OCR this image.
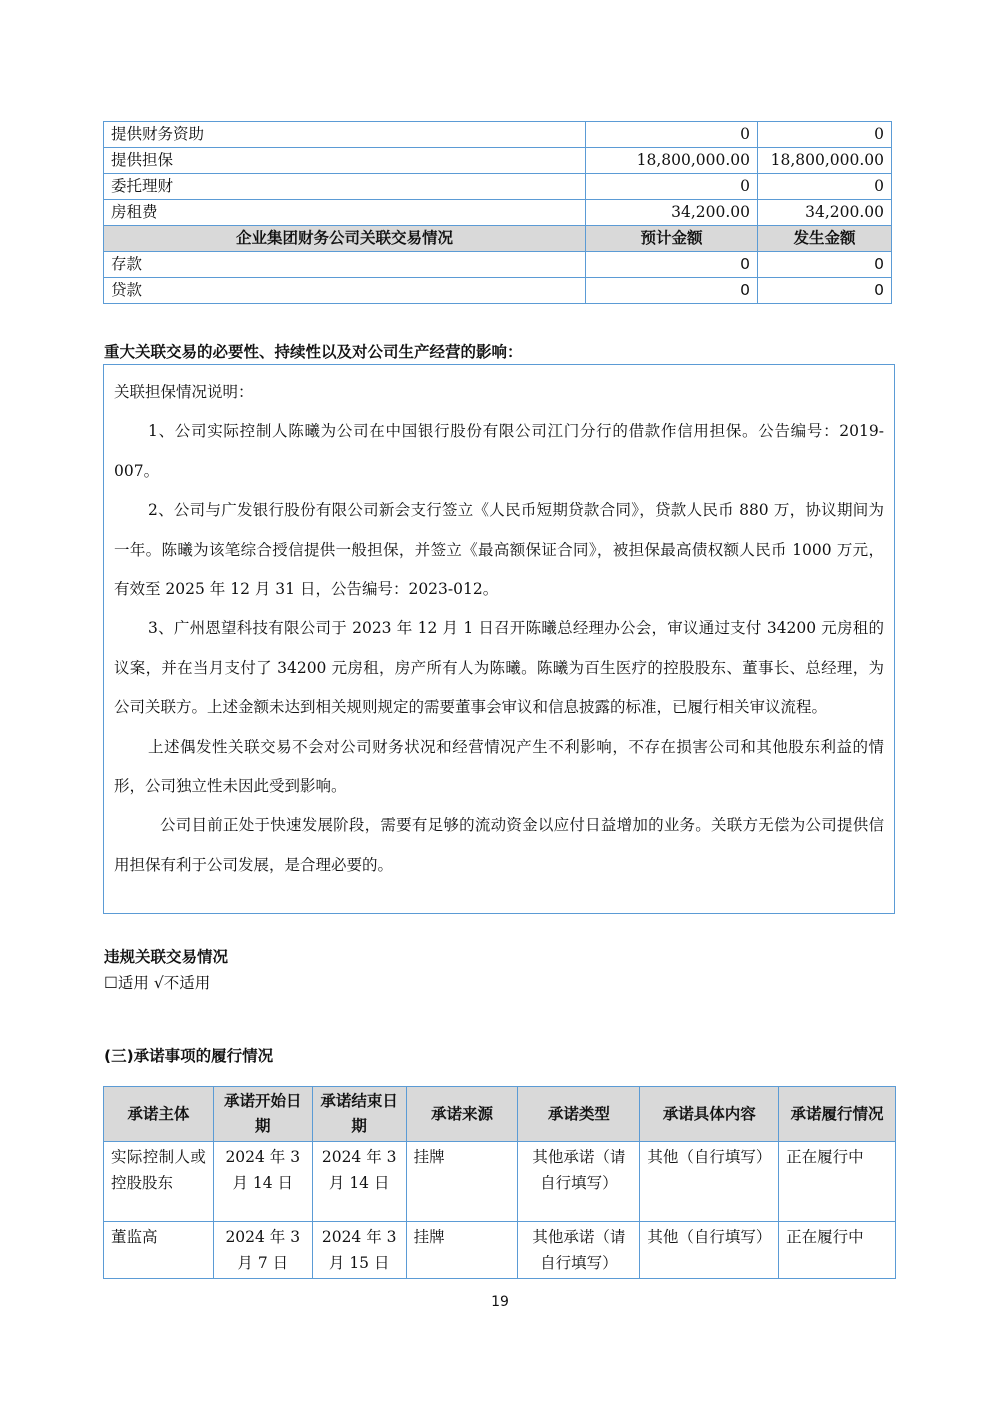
提供财务资助	0	0
提供担保	18,800,000.00	18,800,000.00
委托理财	0	0
房租费	34,200.00	34,200.00
企业集团财务公司关联交易情况	预计金额	发生金额
存款	0	0
贷款	0	0
重大关联交易的必要性、持续性以及对公司生产经营的影响：

关联担保情况说明：

1、公司实际控制人陈曦为公司在中国银行股份有限公司江门分行的借款作信用担保。公告编号：2019-007。

2、公司与广发银行股份有限公司新会支行签立《人民币短期贷款合同》，贷款人民币 880 万，协议期间为一年。陈曦为该笔综合授信提供一般担保，并签立《最高额保证合同》，被担保最高债权额人民币 1000 万元，有效至 2025 年 12 月 31 日，公告编号：2023-012。

3、广州恩望科技有限公司于 2023 年 12 月 1 日召开陈曦总经理办公会，审议通过支付 34200 元房租的议案，并在当月支付了 34200 元房租，房产所有人为陈曦。陈曦为百生医疗的控股股东、董事长、总经理，为公司关联方。上述金额未达到相关规则规定的需要董事会审议和信息披露的标准，已履行相关审议流程。

上述偶发性关联交易不会对公司财务状况和经营情况产生不利影响，不存在损害公司和其他股东利益的情形，公司独立性未因此受到影响。

公司目前正处于快速发展阶段，需要有足够的流动资金以应付日益增加的业务。关联方无偿为公司提供信用担保有利于公司发展，是合理必要的。

违规关联交易情况
☐适用 √不适用
(三)承诺事项的履行情况
承诺主体	承诺开始日期	承诺结束日期	承诺来源	承诺类型	承诺具体内容	承诺履行情况
实际控制人或控股股东	2024 年 3 月 14 日	2024 年 3 月 14 日	挂牌	其他承诺（请自行填写）	其他（自行填写）	正在履行中
董监高	2024 年 3 月 7 日	2024 年 3 月 15 日	挂牌	其他承诺（请自行填写）	其他（自行填写）	正在履行中
19
